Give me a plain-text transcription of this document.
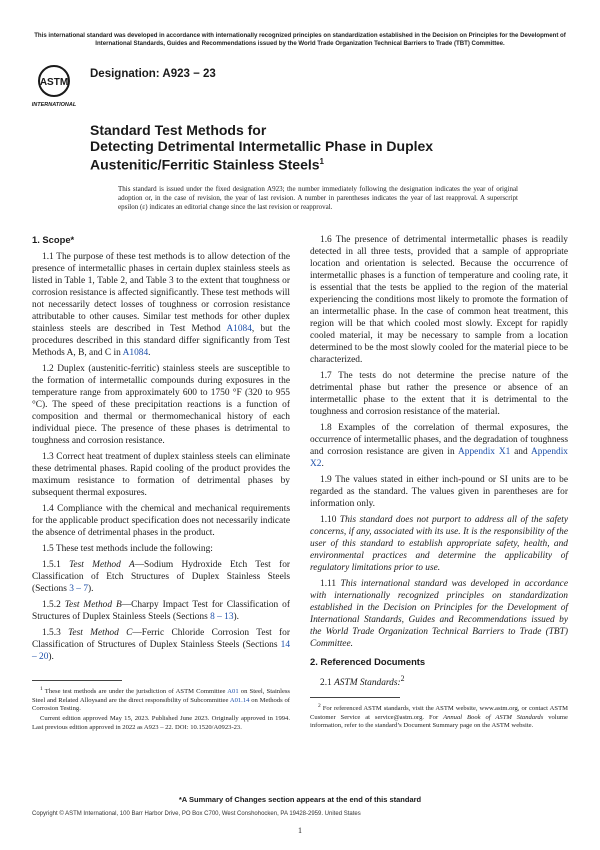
This international standard was developed in accordance with internationally recognized principles on standardization established in the Decision on Principles for the Development of International Standards, Guides and Recommendations issued by the World Trade Organization Technical Barriers to Trade (TBT) Committee.
ASTM
INTERNATIONAL
Designation: A923 − 23
Standard Test Methods for
Detecting Detrimental Intermetallic Phase in Duplex Austenitic/Ferritic Stainless Steels$^1$
This standard is issued under the fixed designation A923; the number immediately following the designation indicates the year of original adoption or, in the case of revision, the year of last revision. A number in parentheses indicates the year of last reapproval. A superscript epsilon (ε) indicates an editorial change since the last revision or reapproval.

1. Scope*

1.1 The purpose of these test methods is to allow detection of the presence of intermetallic phases in certain duplex stainless steels as listed in Table 1, Table 2, and Table 3 to the extent that toughness or corrosion resistance is affected significantly. These test methods will not necessarily detect losses of toughness or corrosion resistance attributable to other causes. Similar test methods for other duplex stainless steels are described in Test Method A1084, but the procedures described in this standard differ significantly from Test Methods A, B, and C in A1084.

1.2 Duplex (austenitic-ferritic) stainless steels are susceptible to the formation of intermetallic compounds during exposures in the temperature range from approximately 600 to 1750 °F (320 to 955 °C). The speed of these precipitation reactions is a function of composition and thermal or thermomechanical history of each individual piece. The presence of these phases is detrimental to toughness and corrosion resistance.

1.3 Correct heat treatment of duplex stainless steels can eliminate these detrimental phases. Rapid cooling of the product provides the maximum resistance to formation of detrimental phases by subsequent thermal exposures.

1.4 Compliance with the chemical and mechanical requirements for the applicable product specification does not necessarily indicate the absence of detrimental phases in the product.

1.5 These test methods include the following:

1.5.1 Test Method A—Sodium Hydroxide Etch Test for Classification of Etch Structures of Duplex Stainless Steels (Sections 3 – 7).

1.5.2 Test Method B—Charpy Impact Test for Classification of Structures of Duplex Stainless Steels (Sections 8 – 13).

1.5.3 Test Method C—Ferric Chloride Corrosion Test for Classification of Structures of Duplex Stainless Steels (Sections 14 – 20).

$^1$ These test methods are under the jurisdiction of ASTM Committee A01 on Steel, Stainless Steel and Related Alloysand are the direct responsibility of Subcommittee A01.14 on Methods of Corrosion Testing.

Current edition approved May 15, 2023. Published June 2023. Originally approved in 1994. Last previous edition approved in 2022 as A923 – 22. DOI: 10.1520/A0923-23.

1.6 The presence of detrimental intermetallic phases is readily detected in all three tests, provided that a sample of appropriate location and orientation is selected. Because the occurrence of intermetallic phases is a function of temperature and cooling rate, it is essential that the tests be applied to the region of the material experiencing the conditions most likely to promote the formation of an intermetallic phase. In the case of common heat treatment, this region will be that which cooled most slowly. Except for rapidly cooled material, it may be necessary to sample from a location determined to be the most slowly cooled for the material piece to be characterized.

1.7 The tests do not determine the precise nature of the detrimental phase but rather the presence or absence of an intermetallic phase to the extent that it is detrimental to the toughness and corrosion resistance of the material.

1.8 Examples of the correlation of thermal exposures, the occurrence of intermetallic phases, and the degradation of toughness and corrosion resistance are given in Appendix X1 and Appendix X2.

1.9 The values stated in either inch-pound or SI units are to be regarded as the standard. The values given in parentheses are for information only.

1.10 This standard does not purport to address all of the safety concerns, if any, associated with its use. It is the responsibility of the user of this standard to establish appropriate safety, health, and environmental practices and determine the applicability of regulatory limitations prior to use.

1.11 This international standard was developed in accordance with internationally recognized principles on standardization established in the Decision on Principles for the Development of International Standards, Guides and Recommendations issued by the World Trade Organization Technical Barriers to Trade (TBT) Committee.

2. Referenced Documents

2.1 ASTM Standards:$^2$

$^2$ For referenced ASTM standards, visit the ASTM website, www.astm.org, or contact ASTM Customer Service at service@astm.org. For Annual Book of ASTM Standards volume information, refer to the standard’s Document Summary page on the ASTM website.

*A Summary of Changes section appears at the end of this standard
Copyright © ASTM International, 100 Barr Harbor Drive, PO Box C700, West Conshohocken, PA 19428-2959. United States
1
